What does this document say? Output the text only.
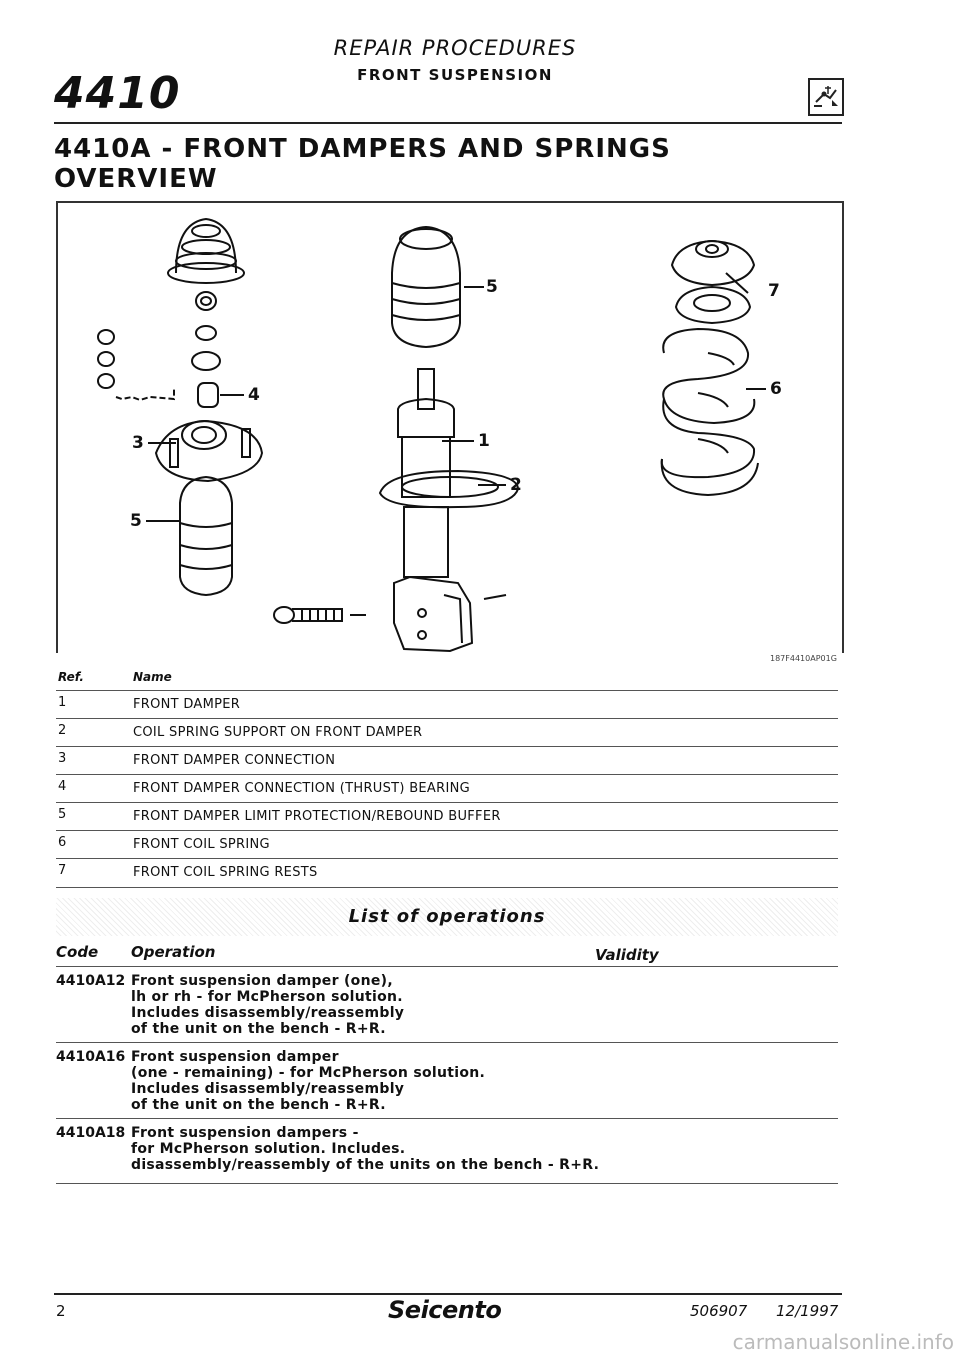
REPAIR PROCEDURES
FRONT SUSPENSION
4410
4410A - FRONT DAMPERS AND SPRINGS
OVERVIEW
5	7
6
4
1
3
2
5
187F4410AP01G
Ref.	Name
1	FRONT DAMPER
2	COIL SPRING SUPPORT ON FRONT DAMPER
3	FRONT DAMPER CONNECTION
4	FRONT DAMPER CONNECTION (THRUST) BEARING
5	FRONT DAMPER LIMIT PROTECTION/REBOUND BUFFER
6	FRONT COIL SPRING
7	FRONT COIL SPRING RESTS
List of operations
Code Operation	Validity
4410A12 Front suspension damper (one),
lh or rh - for McPherson solution.
Includes disassembly/reassembly
of the unit on the bench - R+R.
4410A16 Front suspension damper
(one - remaining) - for McPherson solution.
Includes disassembly/reassembly
of the unit on the bench - R+R.
4410A18 Front suspension dampers -
for McPherson solution. Includes.
disassembly/reassembly of the units on the bench - R+R.
2	Seicento	506907 12/1997
carmanualsonline.info
